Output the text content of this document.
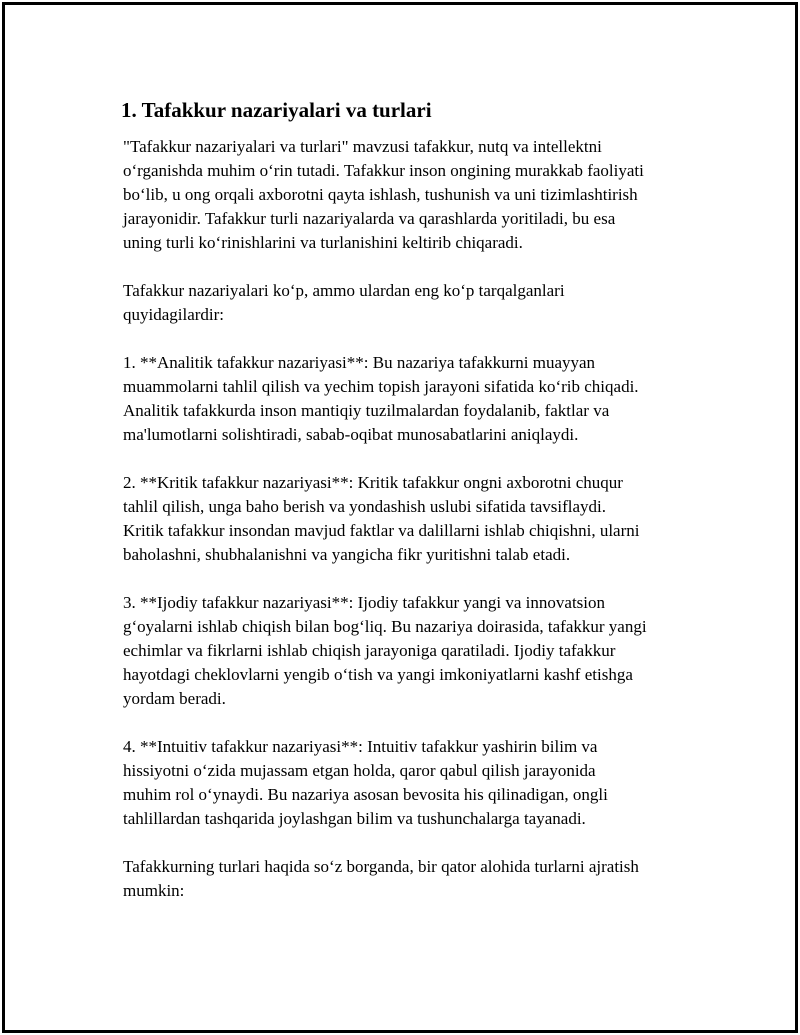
1. Tafakkur nazariyalari va turlari

"Tafakkur nazariyalari va turlari" mavzusi tafakkur, nutq va intellektni
o‘rganishda muhim o‘rin tutadi. Tafakkur inson ongining murakkab faoliyati
bo‘lib, u ong orqali axborotni qayta ishlash, tushunish va uni tizimlashtirish
jarayonidir. Tafakkur turli nazariyalarda va qarashlarda yoritiladi, bu esa
uning turli ko‘rinishlarini va turlanishini keltirib chiqaradi.

Tafakkur nazariyalari ko‘p, ammo ulardan eng ko‘p tarqalganlari
quyidagilardir:

1. **Analitik tafakkur nazariyasi**: Bu nazariya tafakkurni muayyan
muammolarni tahlil qilish va yechim topish jarayoni sifatida ko‘rib chiqadi.
Analitik tafakkurda inson mantiqiy tuzilmalardan foydalanib, faktlar va
ma'lumotlarni solishtiradi, sabab-oqibat munosabatlarini aniqlaydi.

2. **Kritik tafakkur nazariyasi**: Kritik tafakkur ongni axborotni chuqur
tahlil qilish, unga baho berish va yondashish uslubi sifatida tavsiflaydi.
Kritik tafakkur insondan mavjud faktlar va dalillarni ishlab chiqishni, ularni
baholashni, shubhalanishni va yangicha fikr yuritishni talab etadi.

3. **Ijodiy tafakkur nazariyasi**: Ijodiy tafakkur yangi va innovatsion
g‘oyalarni ishlab chiqish bilan bog‘liq. Bu nazariya doirasida, tafakkur yangi
echimlar va fikrlarni ishlab chiqish jarayoniga qaratiladi. Ijodiy tafakkur
hayotdagi cheklovlarni yengib o‘tish va yangi imkoniyatlarni kashf etishga
yordam beradi.

4. **Intuitiv tafakkur nazariyasi**: Intuitiv tafakkur yashirin bilim va
hissiyotni o‘zida mujassam etgan holda, qaror qabul qilish jarayonida
muhim rol o‘ynaydi. Bu nazariya asosan bevosita his qilinadigan, ongli
tahlillardan tashqarida joylashgan bilim va tushunchalarga tayanadi.

Tafakkurning turlari haqida so‘z borganda, bir qator alohida turlarni ajratish
mumkin:
